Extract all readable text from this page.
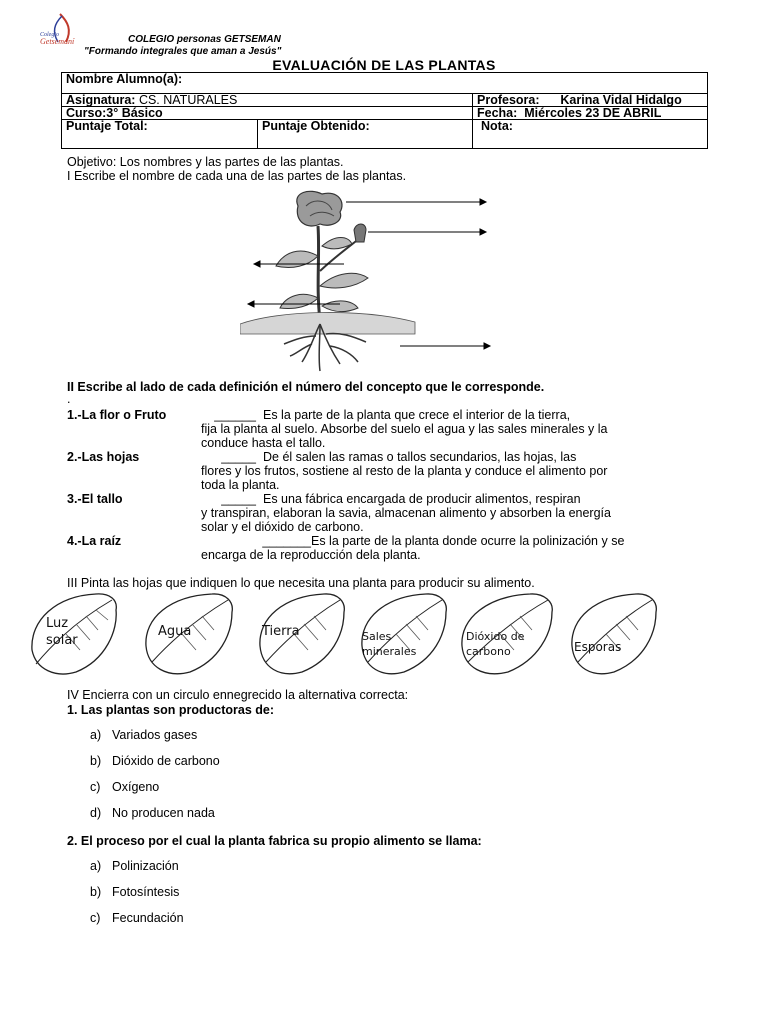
Colegio
Getsemaní	COLEGIO personas GETSEMAN
"Formando integrales que aman a Jesús"
EVALUACIÓN DE LAS PLANTAS
Nombre Alumno(a):		
Asignatura: CS. NATURALES		Profesora: Karina Vidal Hidalgo
Curso:3° Básico		Fecha: Miércoles 23 DE ABRIL
Puntaje Total:	Puntaje Obtenido:	Nota:
Objetivo: Los nombres y las partes de las plantas.
I Escribe el nombre de cada una de las partes de las plantas.
II Escribe al lado de cada definición el número del concepto que le corresponde.
.
1.-La flor o Fruto	______ Es la parte de la planta que crece el interior de la tierra,
fija la planta al suelo. Absorbe del suelo el agua y las sales minerales y la
conduce hasta el tallo.
2.-Las hojas	_____ De él salen las ramas o tallos secundarios, las hojas, las
flores y los frutos, sostiene al resto de la planta y conduce el alimento por
toda la planta.
3.-El tallo	_____ Es una fábrica encargada de producir alimentos, respiran
y transpiran, elaboran la savia, almacenan alimento y absorben la energía
solar y el dióxido de carbono.
4.-La raíz	_______Es la parte de la planta donde ocurre la polinización y se
encarga de la reproducción dela planta.
III Pinta las hojas que indiquen lo que necesita una planta para producir su alimento.
Luz
solar
Agua	Tierra	Sales
minerales
Dióxido de
carbono	Esporas
IV Encierra con un circulo ennegrecido la alternativa correcta:
1. Las plantas son productoras de:
a) Variados gases
b) Dióxido de carbono
c) Oxígeno
d) No producen nada
2. El proceso por el cual la planta fabrica su propio alimento se llama:
a) Polinización
b) Fotosíntesis
c) Fecundación
